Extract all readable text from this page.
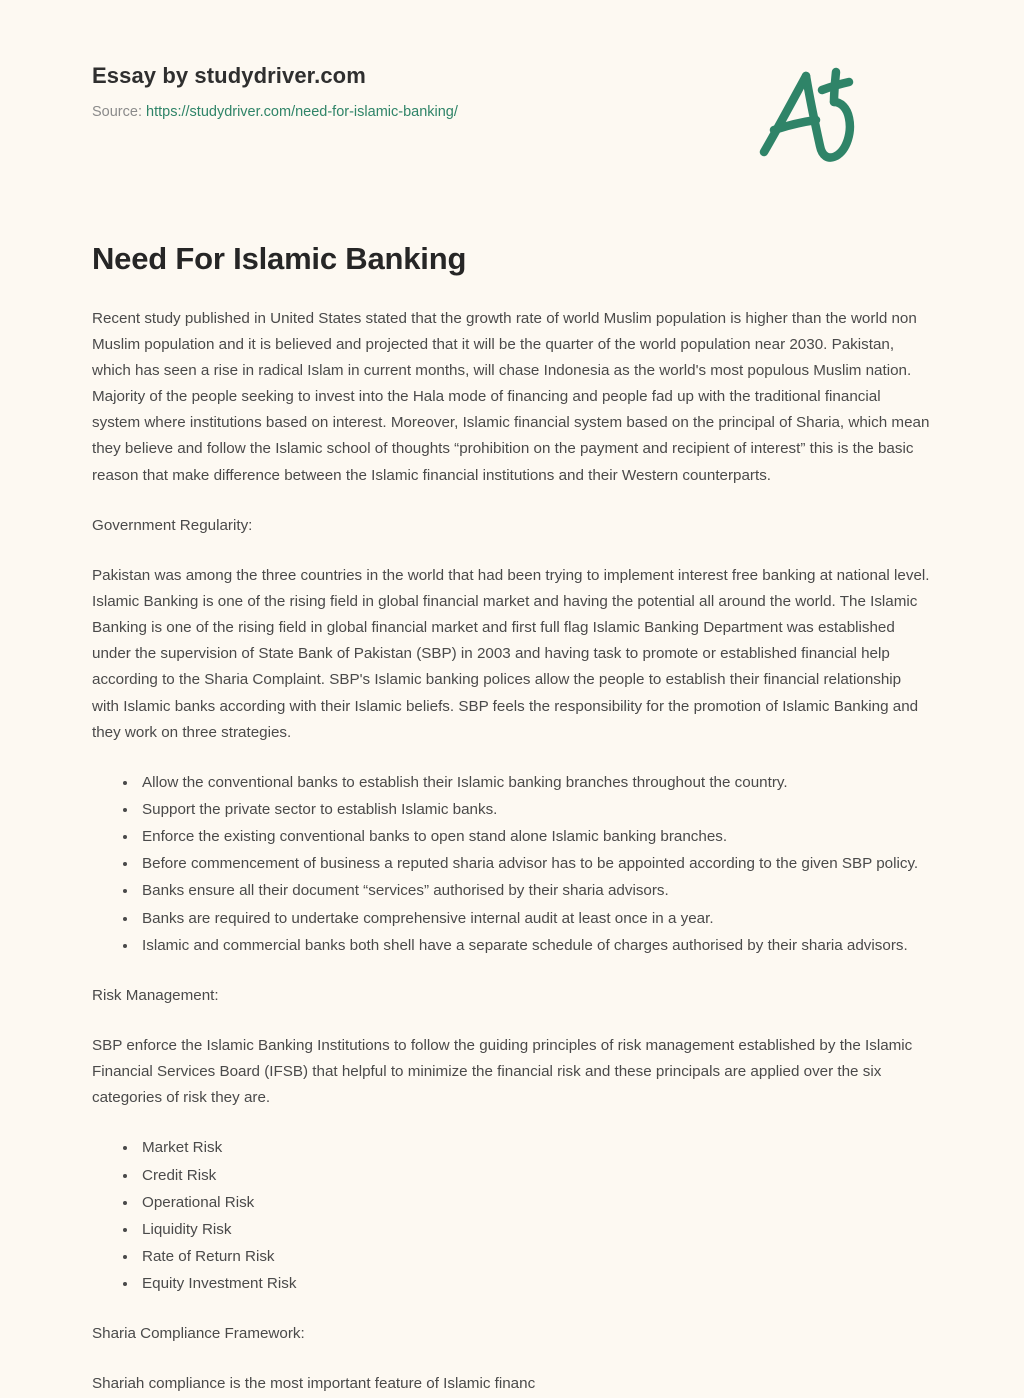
Essay by studydriver.com
Source: https://studydriver.com/need-for-islamic-banking/
Need For Islamic Banking

Recent study published in United States stated that the growth rate of world Muslim population is higher than the world non Muslim population and it is believed and projected that it will be the quarter of the world population near 2030. Pakistan, which has seen a rise in radical Islam in current months, will chase Indonesia as the world's most populous Muslim nation. Majority of the people seeking to invest into the Hala mode of financing and people fad up with the traditional financial system where institutions based on interest. Moreover, Islamic financial system based on the principal of Sharia, which mean they believe and follow the Islamic school of thoughts “prohibition on the payment and recipient of interest” this is the basic reason that make difference between the Islamic financial institutions and their Western counterparts.

Government Regularity:

Pakistan was among the three countries in the world that had been trying to implement interest free banking at national level. Islamic Banking is one of the rising field in global financial market and having the potential all around the world. The Islamic Banking is one of the rising field in global financial market and first full flag Islamic Banking Department was established under the supervision of State Bank of Pakistan (SBP) in 2003 and having task to promote or established financial help according to the Sharia Complaint. SBP's Islamic banking polices allow the people to establish their financial relationship with Islamic banks according with their Islamic beliefs. SBP feels the responsibility for the promotion of Islamic Banking and they work on three strategies.

• Allow the conventional banks to establish their Islamic banking branches throughout the country.
• Support the private sector to establish Islamic banks.
• Enforce the existing conventional banks to open stand alone Islamic banking branches.
• Before commencement of business a reputed sharia advisor has to be appointed according to the given SBP policy.
• Banks ensure all their document “services” authorised by their sharia advisors.
• Banks are required to undertake comprehensive internal audit at least once in a year.
• Islamic and commercial banks both shell have a separate schedule of charges authorised by their sharia advisors.

Risk Management:

SBP enforce the Islamic Banking Institutions to follow the guiding principles of risk management established by the Islamic Financial Services Board (IFSB) that helpful to minimize the financial risk and these principals are applied over the six categories of risk they are.

• Market Risk
• Credit Risk
• Operational Risk
• Liquidity Risk
• Rate of Return Risk
• Equity Investment Risk

Sharia Compliance Framework:

Shariah compliance is the most important feature of Islamic financ
